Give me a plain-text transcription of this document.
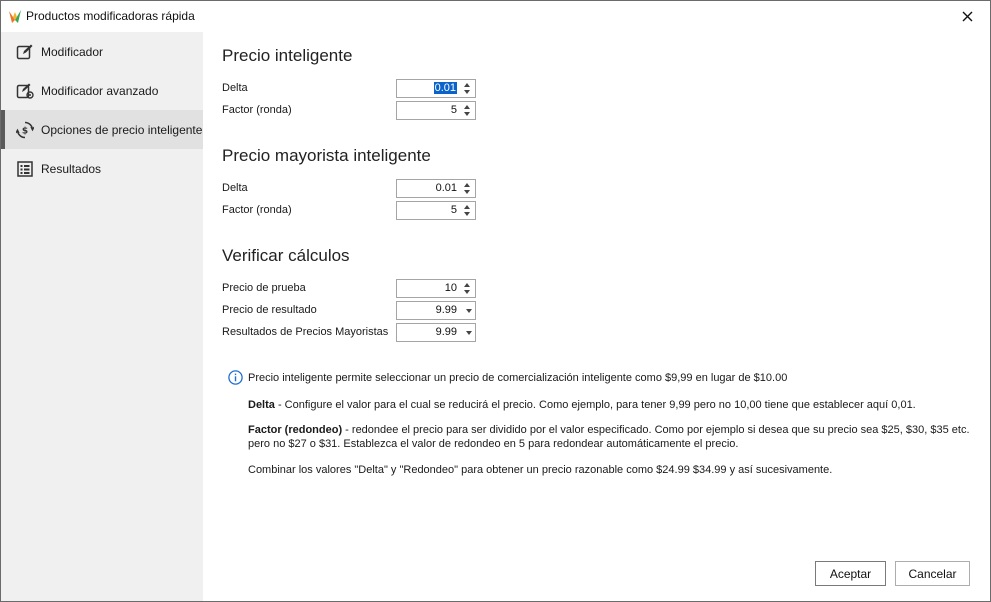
Productos modificadoras rápida
Modificador
Modificador avanzado
$ Opciones de precio inteligente
Resultados
Precio inteligente
Delta	0.01
Factor (ronda)	5
Precio mayorista inteligente
Delta	0.01
Factor (ronda)	5
Verificar cálculos
Precio de prueba	10
Precio de resultado	9.99
Resultados de Precios Mayoristas	9.99
Precio inteligente permite seleccionar un precio de comercialización inteligente como $9,99 en lugar de $10.00
Delta - Configure el valor para el cual se reducirá el precio. Como ejemplo, para tener 9,99 pero no 10,00 tiene que establecer aquí 0,01.
Factor (redondeo) - redondee el precio para ser dividido por el valor especificado. Como por ejemplo si desea que su precio sea $25, $30, $35 etc.
pero no $27 o $31. Establezca el valor de redondeo en 5 para redondear automáticamente el precio.
Combinar los valores "Delta" y "Redondeo" para obtener un precio razonable como $24.99 $34.99 y así sucesivamente.
Aceptar	Cancelar
